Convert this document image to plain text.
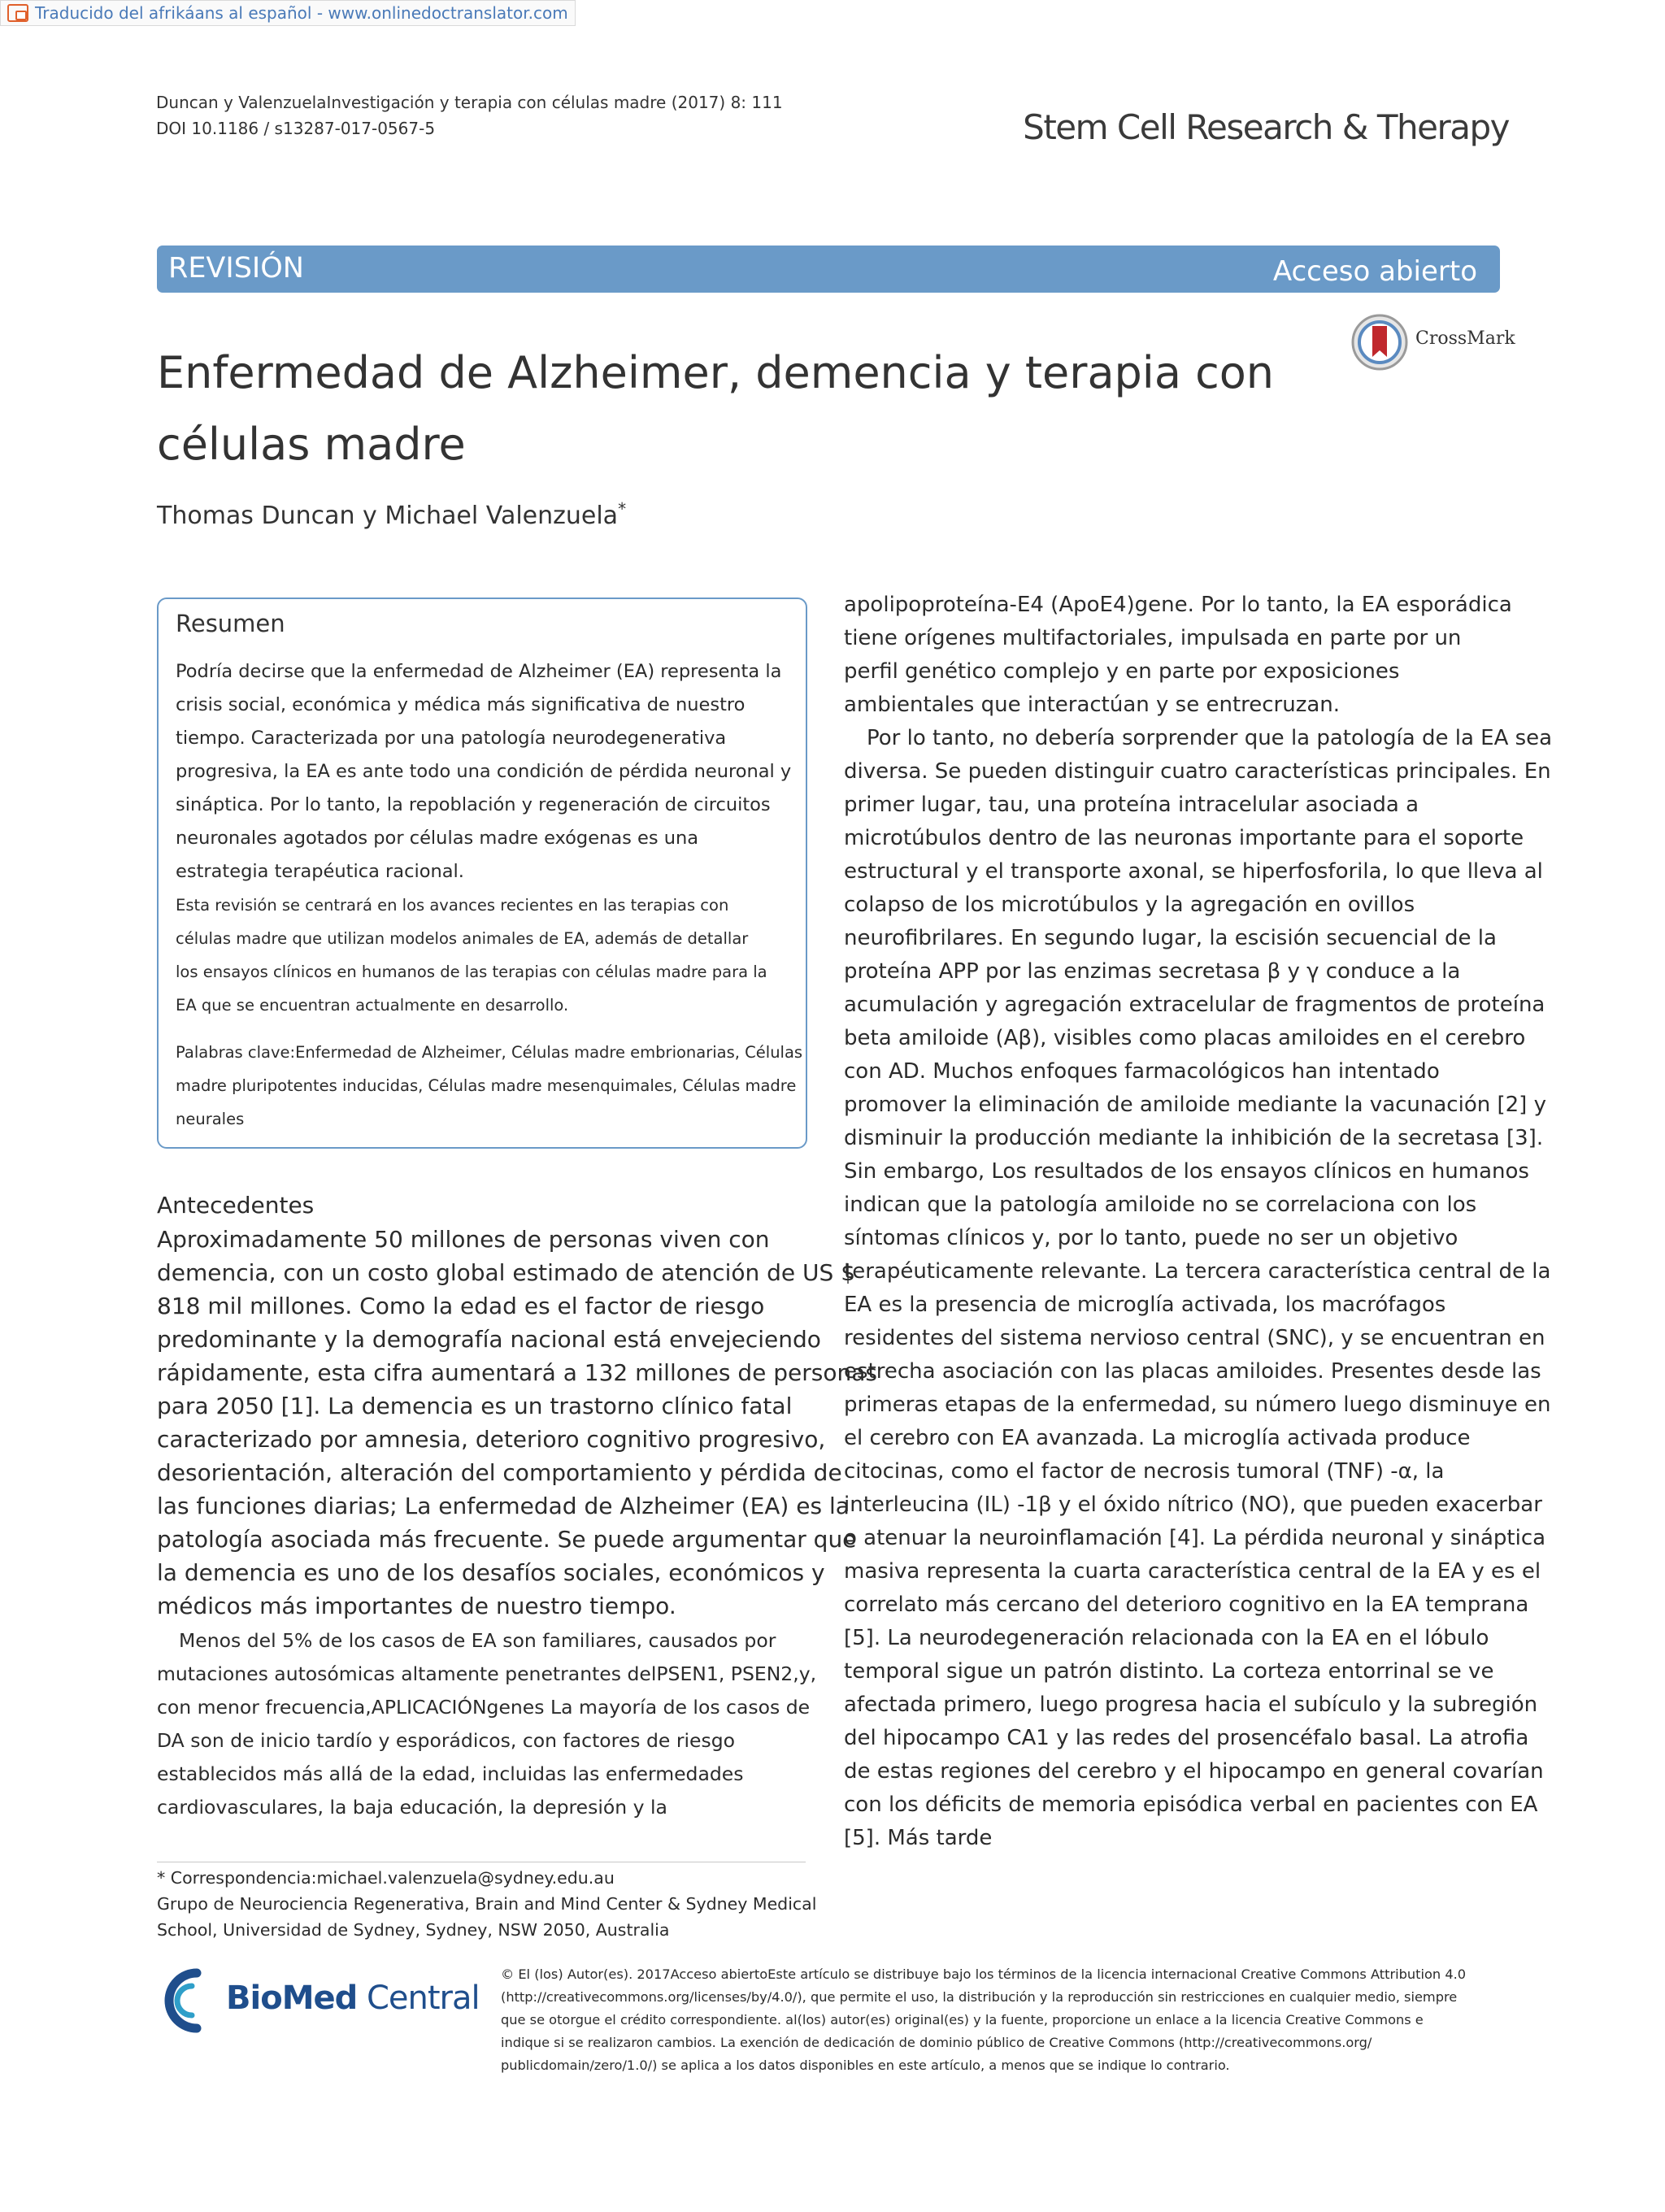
Traducido del afrikáans al español - www.onlinedoctranslator.com
Duncan y ValenzuelaInvestigación y terapia con células madre (2017) 8: 111
DOI 10.1186 / s13287-017-0567-5	Stem Cell Research & Therapy
REVISIÓN	Acceso abierto
CrossMark
Enfermedad de Alzheimer, demencia y terapia con
células madre
Thomas Duncan y Michael Valenzuela*
Resumen
Podría decirse que la enfermedad de Alzheimer (EA) representa la
crisis social, económica y médica más significativa de nuestro
tiempo. Caracterizada por una patología neurodegenerativa
progresiva, la EA es ante todo una condición de pérdida neuronal y
sináptica. Por lo tanto, la repoblación y regeneración de circuitos
neuronales agotados por células madre exógenas es una
estrategia terapéutica racional.
Esta revisión se centrará en los avances recientes en las terapias con
células madre que utilizan modelos animales de EA, además de detallar
los ensayos clínicos en humanos de las terapias con células madre para la
EA que se encuentran actualmente en desarrollo.
Palabras clave:Enfermedad de Alzheimer, Células madre embrionarias, Células
madre pluripotentes inducidas, Células madre mesenquimales, Células madre
neurales
Antecedentes
Aproximadamente 50 millones de personas viven con
demencia, con un costo global estimado de atención de US $
818 mil millones. Como la edad es el factor de riesgo
predominante y la demografía nacional está envejeciendo
rápidamente, esta cifra aumentará a 132 millones de personas
para 2050 [1]. La demencia es un trastorno clínico fatal
caracterizado por amnesia, deterioro cognitivo progresivo,
desorientación, alteración del comportamiento y pérdida de
las funciones diarias; La enfermedad de Alzheimer (EA) es la
patología asociada más frecuente. Se puede argumentar que
la demencia es uno de los desafíos sociales, económicos y
médicos más importantes de nuestro tiempo.
Menos del 5% de los casos de EA son familiares, causados por
mutaciones autosómicas altamente penetrantes delPSEN1, PSEN2,y,
con menor frecuencia,APLICACIÓNgenes La mayoría de los casos de
DA son de inicio tardío y esporádicos, con factores de riesgo
establecidos más allá de la edad, incluidas las enfermedades
cardiovasculares, la baja educación, la depresión y la
apolipoproteína-E4 (ApoE4)gene. Por lo tanto, la EA esporádica
tiene orígenes multifactoriales, impulsada en parte por un
perfil genético complejo y en parte por exposiciones
ambientales que interactúan y se entrecruzan.
Por lo tanto, no debería sorprender que la patología de la EA sea
diversa. Se pueden distinguir cuatro características principales. En
primer lugar, tau, una proteína intracelular asociada a
microtúbulos dentro de las neuronas importante para el soporte
estructural y el transporte axonal, se hiperfosforila, lo que lleva al
colapso de los microtúbulos y la agregación en ovillos
neurofibrilares. En segundo lugar, la escisión secuencial de la
proteína APP por las enzimas secretasa β y γ conduce a la
acumulación y agregación extracelular de fragmentos de proteína
beta amiloide (Aβ), visibles como placas amiloides en el cerebro
con AD. Muchos enfoques farmacológicos han intentado
promover la eliminación de amiloide mediante la vacunación [2] y
disminuir la producción mediante la inhibición de la secretasa [3].
Sin embargo, Los resultados de los ensayos clínicos en humanos
indican que la patología amiloide no se correlaciona con los
síntomas clínicos y, por lo tanto, puede no ser un objetivo
terapéuticamente relevante. La tercera característica central de la
EA es la presencia de microglía activada, los macrófagos
residentes del sistema nervioso central (SNC), y se encuentran en
estrecha asociación con las placas amiloides. Presentes desde las
primeras etapas de la enfermedad, su número luego disminuye en
el cerebro con EA avanzada. La microglía activada produce
citocinas, como el factor de necrosis tumoral (TNF) -α, la
interleucina (IL) -1β y el óxido nítrico (NO), que pueden exacerbar
o atenuar la neuroinflamación [4]. La pérdida neuronal y sináptica
masiva representa la cuarta característica central de la EA y es el
correlato más cercano del deterioro cognitivo en la EA temprana
[5]. La neurodegeneración relacionada con la EA en el lóbulo
temporal sigue un patrón distinto. La corteza entorrinal se ve
afectada primero, luego progresa hacia el subículo y la subregión
del hipocampo CA1 y las redes del prosencéfalo basal. La atrofia
de estas regiones del cerebro y el hipocampo en general covarían
con los déficits de memoria episódica verbal en pacientes con EA
[5]. Más tarde
* Correspondencia:michael.valenzuela@sydney.edu.au
Grupo de Neurociencia Regenerativa, Brain and Mind Center & Sydney Medical
School, Universidad de Sydney, Sydney, NSW 2050, Australia
BioMed Central
© El (los) Autor(es). 2017Acceso abiertoEste artículo se distribuye bajo los términos de la licencia internacional Creative Commons Attribution 4.0
(http://creativecommons.org/licenses/by/4.0/), que permite el uso, la distribución y la reproducción sin restricciones en cualquier medio, siempre
que se otorgue el crédito correspondiente. al(los) autor(es) original(es) y la fuente, proporcione un enlace a la licencia Creative Commons e
indique si se realizaron cambios. La exención de dedicación de dominio público de Creative Commons (http://creativecommons.org/
publicdomain/zero/1.0/) se aplica a los datos disponibles en este artículo, a menos que se indique lo contrario.
